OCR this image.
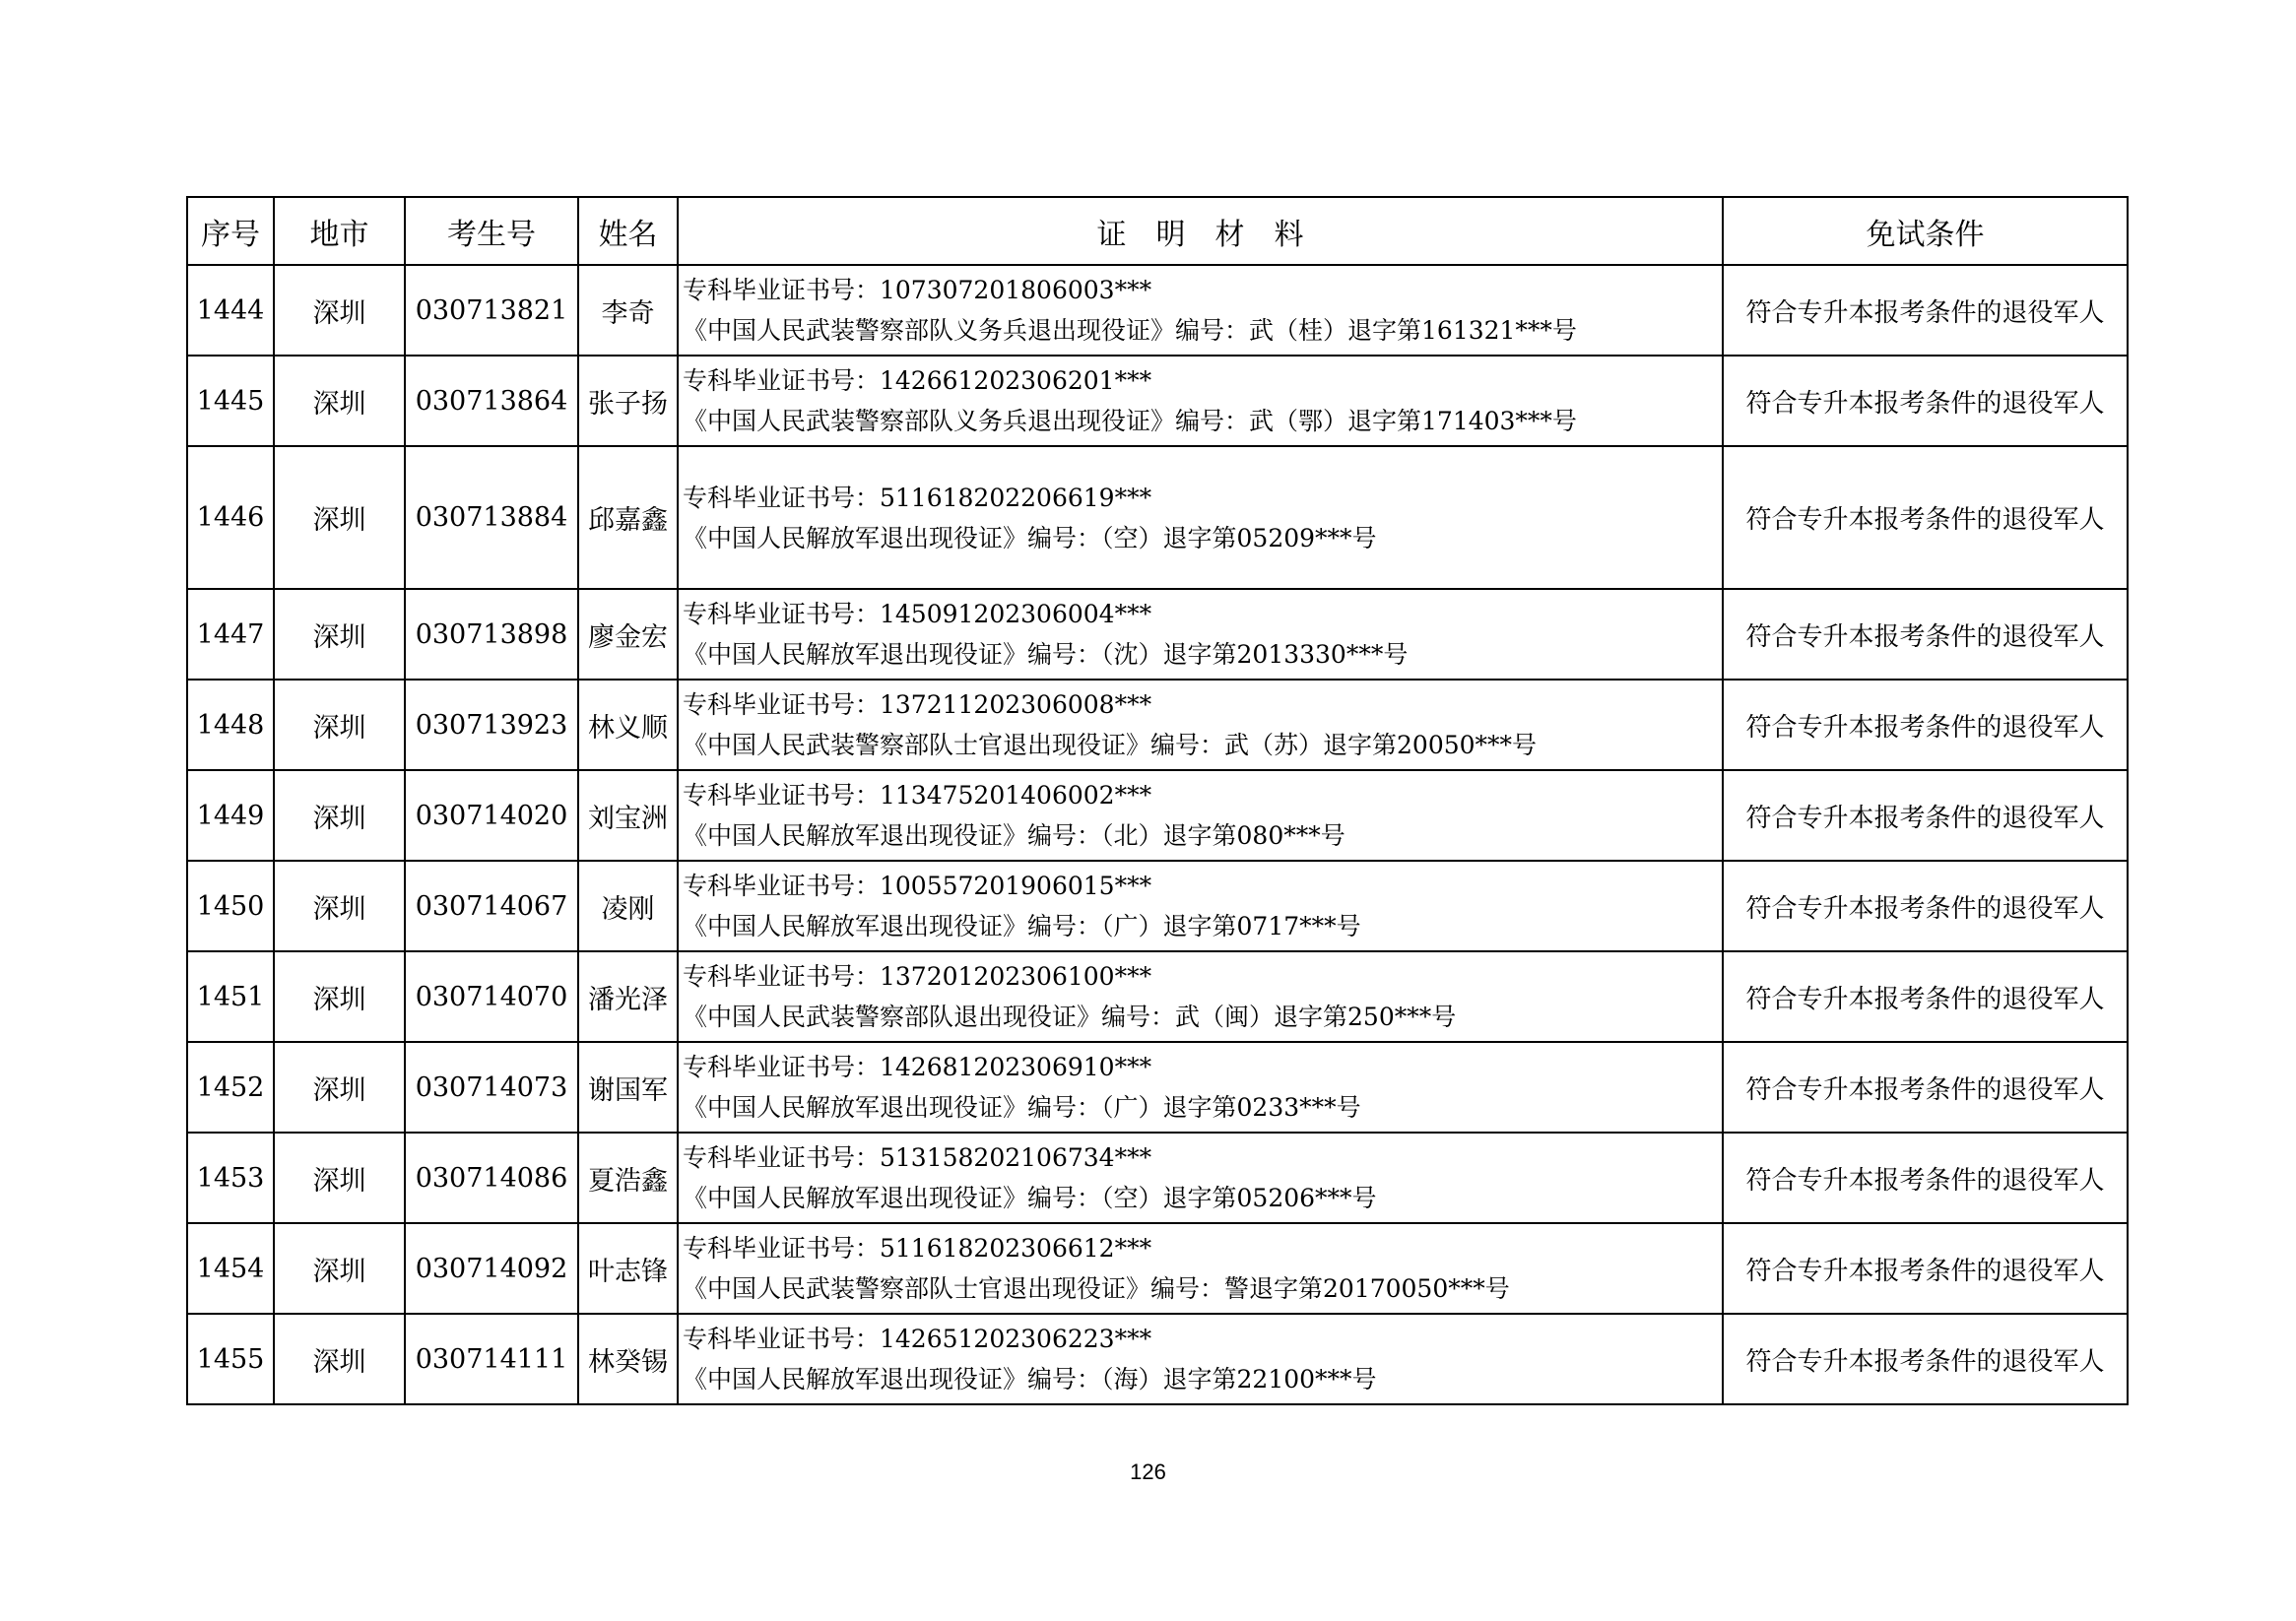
序号	地市	考生号	姓名	证　明　材　料	免试条件
1444	深圳	030713821	李奇	专科毕业证书号：107307201806003***
《中国人民武装警察部队义务兵退出现役证》编号：武（桂）退字第161321***号	符合专升本报考条件的退役军人
1445	深圳	030713864	张子扬	专科毕业证书号：142661202306201***
《中国人民武装警察部队义务兵退出现役证》编号：武（鄂）退字第171403***号	符合专升本报考条件的退役军人
1446	深圳	030713884	邱嘉鑫	专科毕业证书号：511618202206619***
《中国人民解放军退出现役证》编号：（空）退字第05209***号	符合专升本报考条件的退役军人
1447	深圳	030713898	廖金宏	专科毕业证书号：145091202306004***
《中国人民解放军退出现役证》编号：（沈）退字第2013330***号	符合专升本报考条件的退役军人
1448	深圳	030713923	林义顺	专科毕业证书号：137211202306008***
《中国人民武装警察部队士官退出现役证》编号：武（苏）退字第20050***号	符合专升本报考条件的退役军人
1449	深圳	030714020	刘宝洲	专科毕业证书号：113475201406002***
《中国人民解放军退出现役证》编号：（北）退字第080***号	符合专升本报考条件的退役军人
1450	深圳	030714067	凌刚	专科毕业证书号：100557201906015***
《中国人民解放军退出现役证》编号：（广）退字第0717***号	符合专升本报考条件的退役军人
1451	深圳	030714070	潘光泽	专科毕业证书号：137201202306100***
《中国人民武装警察部队退出现役证》编号：武（闽）退字第250***号	符合专升本报考条件的退役军人
1452	深圳	030714073	谢国军	专科毕业证书号：142681202306910***
《中国人民解放军退出现役证》编号：（广）退字第0233***号	符合专升本报考条件的退役军人
1453	深圳	030714086	夏浩鑫	专科毕业证书号：513158202106734***
《中国人民解放军退出现役证》编号：（空）退字第05206***号	符合专升本报考条件的退役军人
1454	深圳	030714092	叶志锋	专科毕业证书号：511618202306612***
《中国人民武装警察部队士官退出现役证》编号：警退字第20170050***号	符合专升本报考条件的退役军人
1455	深圳	030714111	林癸锡	专科毕业证书号：142651202306223***
《中国人民解放军退出现役证》编号：（海）退字第22100***号	符合专升本报考条件的退役军人
126
